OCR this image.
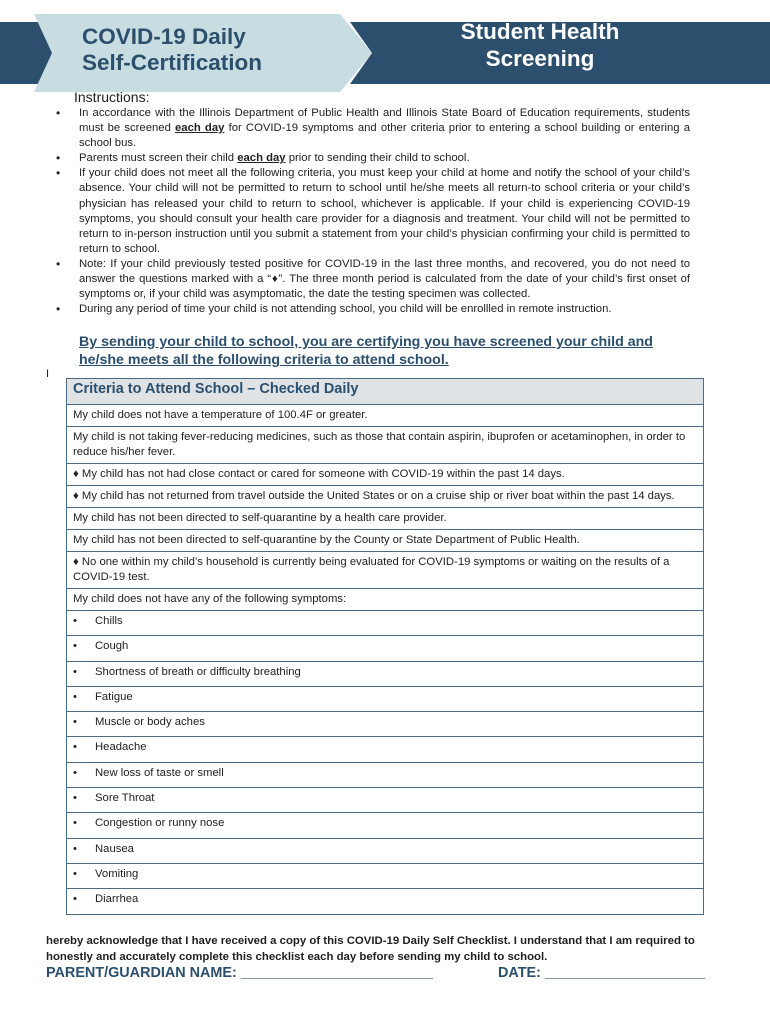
COVID-19 Daily
Self-Certification
Student Health
Screening
Instructions:
• In accordance with the Illinois Department of Public Health and Illinois State Board of Education requirements, students must be screened each day for COVID-19 symptoms and other criteria prior to entering a school building or entering a school bus.
• Parents must screen their child each day prior to sending their child to school.
• If your child does not meet all the following criteria, you must keep your child at home and notify the school of your child’s absence. Your child will not be permitted to return to school until he/she meets all return-to school criteria or your child’s physician has released your child to return to school, whichever is applicable. If your child is experiencing COVID-19 symptoms, you should consult your health care provider for a diagnosis and treatment. Your child will not be permitted to return to in-person instruction until you submit a statement from your child’s physician confirming your child is permitted to return to school.
• Note: If your child previously tested positive for COVID-19 in the last three months, and recovered, you do not need to answer the questions marked with a “♦”. The three month period is calculated from the date of your child’s first onset of symptoms or, if your child was asymptomatic, the date the testing specimen was collected.
• During any period of time your child is not attending school, you child will be enrollled in remote instruction.
By sending your child to school, you are certifying you have screened your child and he/she meets all the following criteria to attend school.
I
Criteria to Attend School – Checked Daily
My child does not have a temperature of 100.4F or greater.
My child is not taking fever-reducing medicines, such as those that contain aspirin, ibuprofen or acetaminophen, in order to reduce his/her fever.
♦ My child has not had close contact or cared for someone with COVID-19 within the past 14 days.
♦ My child has not returned from travel outside the United States or on a cruise ship or river boat within the past 14 days.
My child has not been directed to self-quarantine by a health care provider.
My child has not been directed to self-quarantine by the County or State Department of Public Health.
♦ No one within my child’s household is currently being evaluated for COVID-19 symptoms or waiting on the results of a COVID-19 test.
My child does not have any of the following symptoms:
• Chills
• Cough
• Shortness of breath or difficulty breathing
• Fatigue
• Muscle or body aches
• Headache
• New loss of taste or smell
• Sore Throat
• Congestion or runny nose
• Nausea
• Vomiting
• Diarrhea
hereby acknowledge that I have received a copy of this COVID-19 Daily Self Checklist. I understand that I am required to honestly and accurately complete this checklist each day before sending my child to school.
PARENT/GUARDIAN NAME: ________________________	DATE: ____________________
